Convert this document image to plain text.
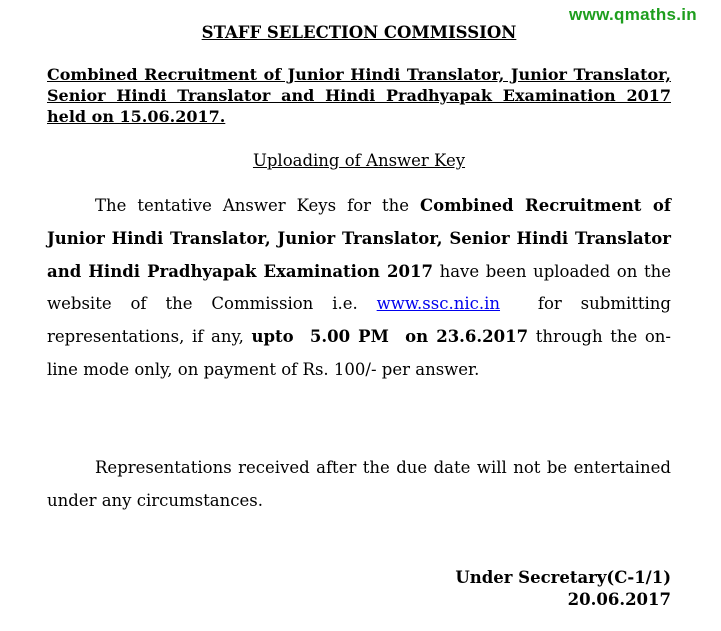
www.qmaths.in
STAFF SELECTION COMMISSION
Combined Recruitment of Junior Hindi Translator, Junior Translator, Senior Hindi Translator and Hindi Pradhyapak Examination 2017 held on 15.06.2017.
Uploading of Answer Key

The tentative Answer Keys for the Combined Recruitment of Junior Hindi Translator, Junior Translator, Senior Hindi Translator and Hindi Pradhyapak Examination 2017 have been uploaded on the website of the Commission i.e. www.ssc.nic.in  for submitting representations, if any, upto  5.00 PM  on 23.6.2017 through the on-line mode only, on payment of Rs. 100/- per answer.

Representations received after the due date will not be entertained under any circumstances.

Under Secretary(C-1/1)
20.06.2017
